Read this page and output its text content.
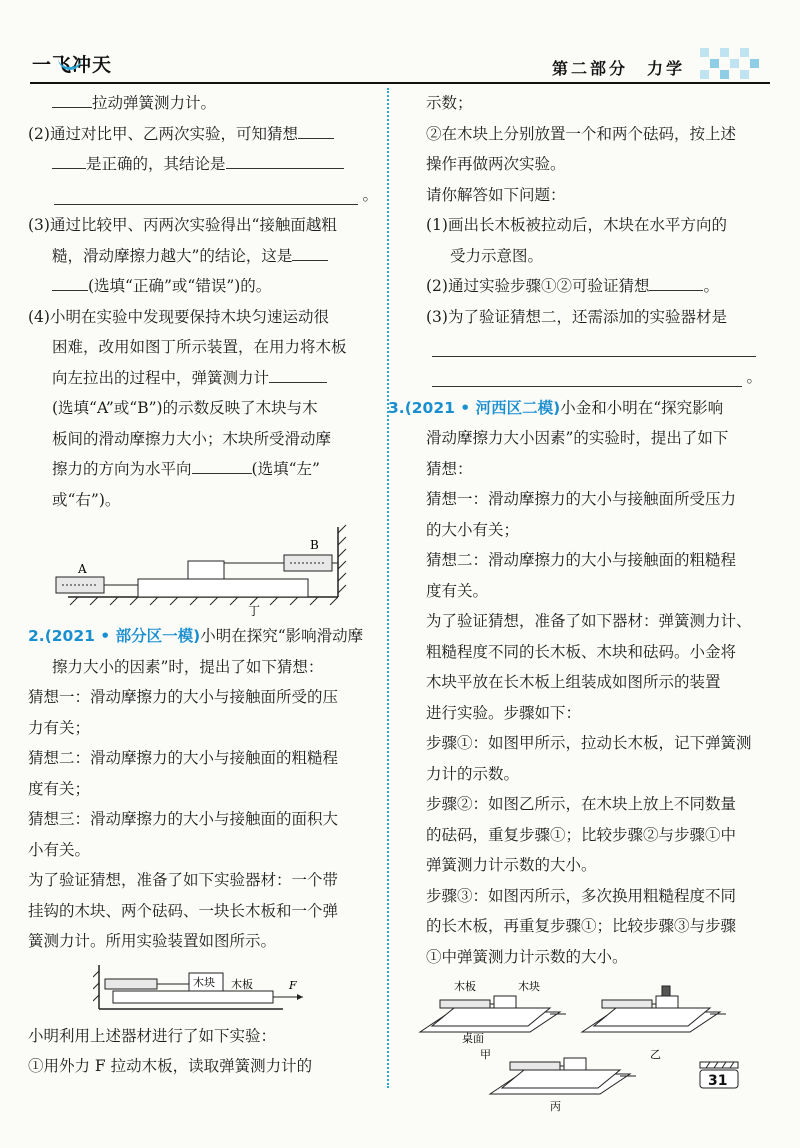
一飞冲天	第二部分　力学

拉动弹簧测力计。

(2)通过对比甲、乙两次实验，可知猜想

是正确的，其结论是

。

(3)通过比较甲、丙两次实验得出“接触面越粗

糙，滑动摩擦力越大”的结论，这是

(选填“正确”或“错误”)的。

(4)小明在实验中发现要保持木块匀速运动很

困难，改用如图丁所示装置，在用力将木板

向左拉出的过程中，弹簧测力计

(选填“A”或“B”)的示数反映了木块与木

板间的滑动摩擦力大小；木块所受滑动摩

擦力的方向为水平向	(选填“左”

或“右”)。

A
B
丁

2.(2021 • 部分区一模)小明在探究“影响滑动摩

擦力大小的因素”时，提出了如下猜想：

猜想一：滑动摩擦力的大小与接触面所受的压

力有关；

猜想二：滑动摩擦力的大小与接触面的粗糙程

度有关；

猜想三：滑动摩擦力的大小与接触面的面积大

小有关。

为了验证猜想，准备了如下实验器材：一个带

挂钩的木块、两个砝码、一块长木板和一个弹

簧测力计。所用实验装置如图所示。

木块 木板	F

小明利用上述器材进行了如下实验：

①用外力 F 拉动木板，读取弹簧测力计的

示数；

②在木块上分别放置一个和两个砝码，按上述

操作再做两次实验。

请你解答如下问题：

(1)画出长木板被拉动后，木块在水平方向的

受力示意图。

(2)通过实验步骤①②可验证猜想	。

(3)为了验证猜想二，还需添加的实验器材是

。

3.(2021 • 河西区二模)小金和小明在“探究影响

滑动摩擦力大小因素”的实验时，提出了如下

猜想：

猜想一：滑动摩擦力的大小与接触面所受压力

的大小有关；

猜想二：滑动摩擦力的大小与接触面的粗糙程

度有关。

为了验证猜想，准备了如下器材：弹簧测力计、

粗糙程度不同的长木板、木块和砝码。小金将

木块平放在长木板上组装成如图所示的装置

进行实验。步骤如下：

步骤①：如图甲所示，拉动长木板，记下弹簧测

力计的示数。

步骤②：如图乙所示，在木块上放上不同数量

的砝码，重复步骤①；比较步骤②与步骤①中

弹簧测力计示数的大小。

步骤③：如图丙所示，多次换用粗糙程度不同

的长木板，再重复步骤①；比较步骤③与步骤

①中弹簧测力计示数的大小。

木板	木块
桌面
甲	乙
丙
31
